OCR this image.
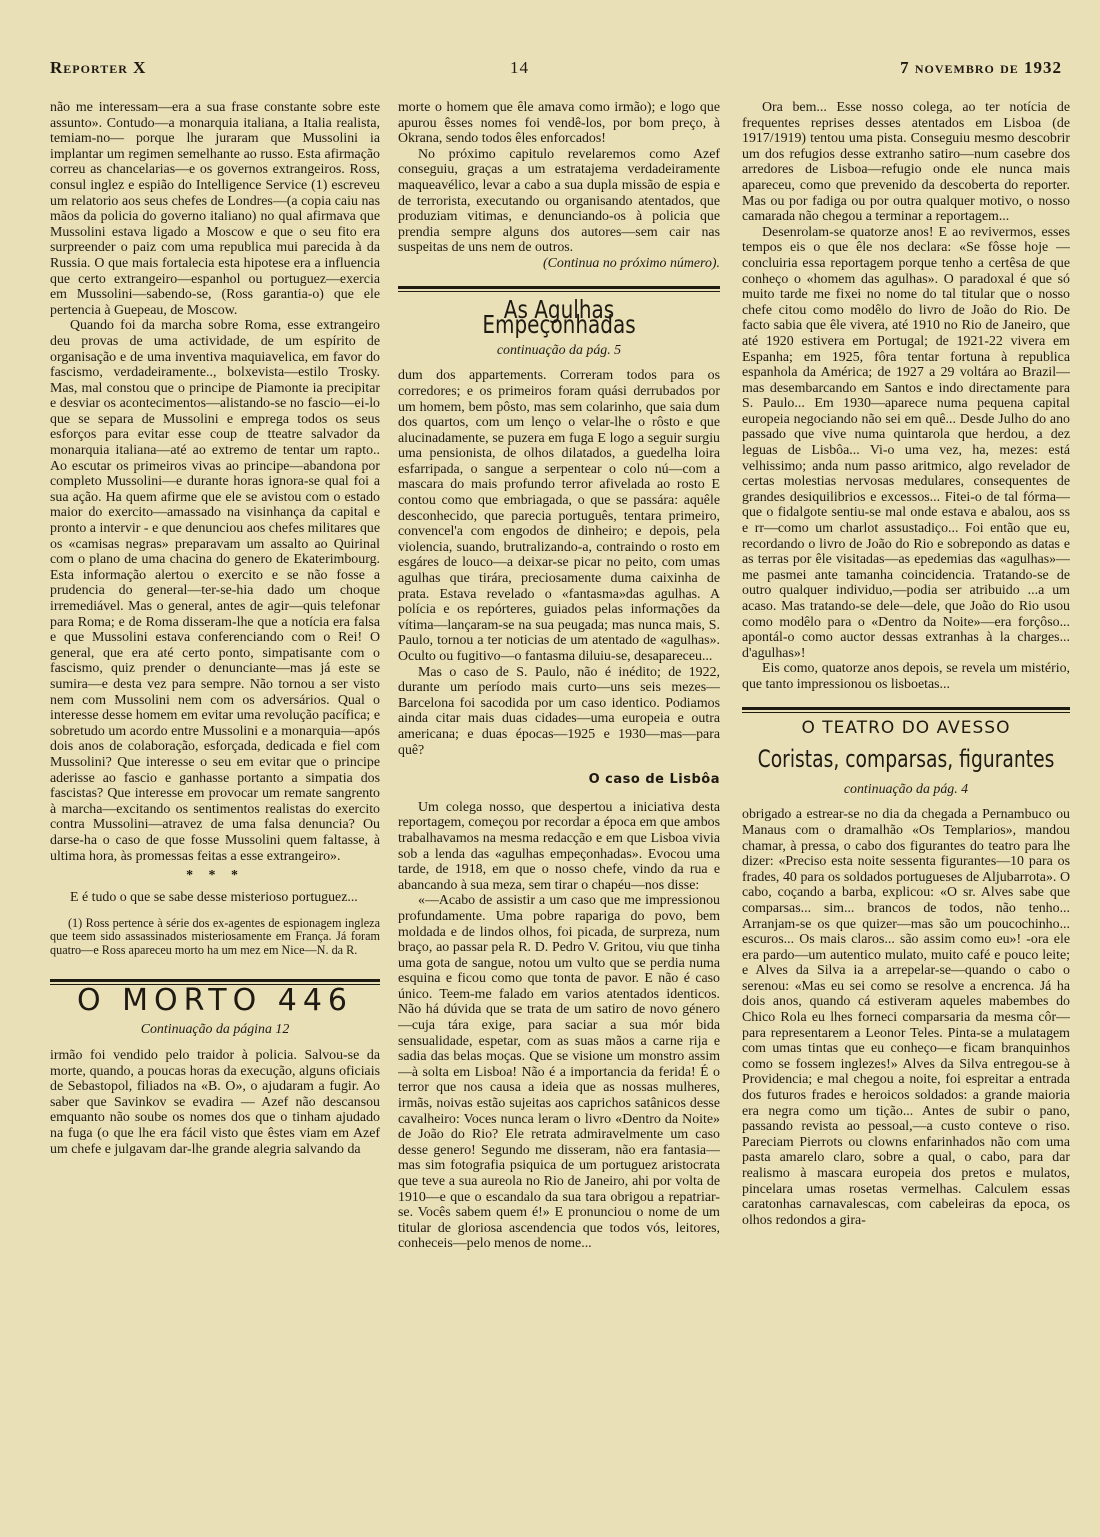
Reporter X	14	7 novembro de 1932

não me interessam—era a sua frase constante sobre este assunto». Contudo—a monarquia italiana, a Italia realista, temiam-no— porque lhe juraram que Mussolini ia implantar um regimen semelhante ao russo. Esta afirmação correu as chancelarias—e os governos extrangeiros. Ross, consul inglez e espião do Intelligence Service (1) escreveu um relatorio aos seus chefes de Londres—(a copia caiu nas mãos da policia do governo italiano) no qual afirmava que Mussolini estava ligado a Moscow e que o seu fito era surpreender o paiz com uma republica mui parecida à da Russia. O que mais fortalecia esta hipotese era a influencia que certo extrangeiro—espanhol ou portuguez—exercia em Mussolini—sabendo-se, (Ross garantia-o) que ele pertencia à Guepeau, de Moscow.

Quando foi da marcha sobre Roma, esse extrangeiro deu provas de uma actividade, de um espírito de organisação e de uma inventiva maquiavelica, em favor do fascismo, verdadeiramente.., bolxevista—estilo Trosky. Mas, mal constou que o principe de Piamonte ia precipitar e desviar os acontecimentos—alistando-se no fascio—ei-lo que se separa de Mussolini e emprega todos os seus esforços para evitar esse coup de tteatre salvador da monarquia italiana—até ao extremo de tentar um rapto.. Ao escutar os primeiros vivas ao principe—abandona por completo Mussolini—e durante horas ignora-se qual foi a sua ação. Ha quem afirme que ele se avistou com o estado maior do exercito—amassado na visinhança da capital e pronto a intervir - e que denunciou aos chefes militares que os «camisas negras» preparavam um assalto ao Quirinal com o plano de uma chacina do genero de Ekaterimbourg. Esta informação alertou o exercito e se não fosse a prudencia do general—ter-se-hia dado um choque irremediável. Mas o general, antes de agir—quis telefonar para Roma; e de Roma disseram-lhe que a notícia era falsa e que Mussolini estava conferenciando com o Rei! O general, que era até certo ponto, simpatisante com o fascismo, quiz prender o denunciante—mas já este se sumira—e desta vez para sempre. Não tornou a ser visto nem com Mussolini nem com os adversários. Qual o interesse desse homem em evitar uma revolução pacífica; e sobretudo um acordo entre Mussolini e a monarquia—após dois anos de colaboração, esforçada, dedicada e fiel com Mussolini? Que interesse o seu em evitar que o principe aderisse ao fascio e ganhasse portanto a simpatia dos fascistas? Que interesse em provocar um remate sangrento à marcha—excitando os sentimentos realistas do exercito contra Mussolini—atravez de uma falsa denuncia? Ou darse-ha o caso de que fosse Mussolini quem faltasse, à ultima hora, às promessas feitas a esse extrangeiro».

* * *

E é tudo o que se sabe desse misterioso portuguez...

(1) Ross pertence à série dos ex-agentes de espionagem ingleza que teem sido assassinados misteriosamente em França. Já foram quatro—e Ross apareceu morto ha um mez em Nice—N. da R.

O MORTO 446
Continuação da página 12

irmão foi vendido pelo traidor à policia. Salvou-se da morte, quando, a poucas horas da execução, alguns oficiais de Sebastopol, filiados na «B. O», o ajudaram a fugir. Ao saber que Savinkov se evadira — Azef não descansou emquanto não soube os nomes dos que o tinham ajudado na fuga (o que lhe era fácil visto que êstes viam em Azef um chefe e julgavam dar-lhe grande alegria salvando da

morte o homem que êle amava como irmão); e logo que apurou êsses nomes foi vendê-los, por bom preço, à Okrana, sendo todos êles enforcados!

No próximo capitulo revelaremos como Azef conseguiu, graças a um estratajema verdadeiramente maqueavélico, levar a cabo a sua dupla missão de espia e de terrorista, executando ou organisando atentados, que produziam vitimas, e denunciando-os à policia que prendia sempre alguns dos autores—sem cair nas suspeitas de uns nem de outros.

(Continua no próximo número).
As Agulhas Empeçonhadas
continuação da pág. 5

dum dos appartements. Correram todos para os corredores; e os primeiros foram quási derrubados por um homem, bem pôsto, mas sem colarinho, que saia dum dos quartos, com um lenço o velar-lhe o rôsto e que alucinadamente, se puzera em fuga E logo a seguir surgiu uma pensionista, de olhos dilatados, a guedelha loira esfarripada, o sangue a serpentear o colo nú—com a mascara do mais profundo terror afivelada ao rosto E contou como que embriagada, o que se passára: aquêle desconhecido, que parecia português, tentara primeiro, convencel'a com engodos de dinheiro; e depois, pela violencia, suando, brutralizando-a, contraindo o rosto em esgáres de louco—a deixar-se picar no peito, com umas agulhas que tirára, preciosamente duma caixinha de prata. Estava revelado o «fantasma»das agulhas. A polícia e os repórteres, guiados pelas informações da vítima—lançaram-se na sua peugada; mas nunca mais, S. Paulo, tornou a ter noticias de um atentado de «agulhas». Oculto ou fugitivo—o fantasma diluiu-se, desapareceu...

Mas o caso de S. Paulo, não é inédito; de 1922, durante um período mais curto—uns seis mezes—Barcelona foi sacodida por um caso identico. Podiamos ainda citar mais duas cidades—uma europeia e outra americana; e duas épocas—1925 e 1930—mas—para quê?

O caso de Lisbôa

Um colega nosso, que despertou a iniciativa desta reportagem, começou por recordar a época em que ambos trabalhavamos na mesma redacção e em que Lisboa vivia sob a lenda das «agulhas empeçonhadas». Evocou uma tarde, de 1918, em que o nosso chefe, vindo da rua e abancando à sua meza, sem tirar o chapéu—nos disse:

«—Acabo de assistir a um caso que me impressionou profundamente. Uma pobre rapariga do povo, bem moldada e de lindos olhos, foi picada, de surpreza, num braço, ao passar pela R. D. Pedro V. Gritou, viu que tinha uma gota de sangue, notou um vulto que se perdia numa esquina e ficou como que tonta de pavor. E não é caso único. Teem-me falado em varios atentados identicos. Não há dúvida que se trata de um satiro de novo género—cuja tára exige, para saciar a sua mór bida sensualidade, espetar, com as suas mãos a carne rija e sadia das belas moças. Que se visione um monstro assim—à solta em Lisboa! Não é a importancia da ferida! É o terror que nos causa a ideia que as nossas mulheres, irmãs, noivas estão sujeitas aos caprichos satânicos desse cavalheiro: Voces nunca leram o livro «Dentro da Noite» de João do Rio? Ele retrata admiravelmente um caso desse genero! Segundo me disseram, não era fantasia—mas sim fotografia psiquica de um portuguez aristocrata que teve a sua aureola no Rio de Janeiro, ahi por volta de 1910—e que o escandalo da sua tara obrigou a repatriar-se. Vocês sabem quem é!» E pronunciou o nome de um titular de gloriosa ascendencia que todos vós, leitores, conheceis—pelo menos de nome...

Ora bem... Esse nosso colega, ao ter notícia de frequentes reprises desses atentados em Lisboa (de 1917/1919) tentou uma pista. Conseguiu mesmo descobrir um dos refugios desse extranho satiro—num casebre dos arredores de Lisboa—refugio onde ele nunca mais apareceu, como que prevenido da descoberta do reporter. Mas ou por fadiga ou por outra qualquer motivo, o nosso camarada não chegou a terminar a reportagem...

Desenrolam-se quatorze anos! E ao revivermos, esses tempos eis o que êle nos declara: «Se fôsse hoje — concluiria essa reportagem porque tenho a certêsa de que conheço o «homem das agulhas». O paradoxal é que só muito tarde me fixei no nome do tal titular que o nosso chefe citou como modêlo do livro de João do Rio. De facto sabia que êle vivera, até 1910 no Rio de Janeiro, que até 1920 estivera em Portugal; de 1921-22 vivera em Espanha; em 1925, fôra tentar fortuna à republica espanhola da América; de 1927 a 29 voltára ao Brazil—mas desembarcando em Santos e indo directamente para S. Paulo... Em 1930—aparece numa pequena capital europeia negociando não sei em quê... Desde Julho do ano passado que vive numa quintarola que herdou, a dez leguas de Lisbôa... Vi-o uma vez, ha, mezes: está velhissimo; anda num passo aritmico, algo revelador de certas molestias nervosas medulares, consequentes de grandes desiquilibrios e excessos... Fitei-o de tal fórma—que o fidalgote sentiu-se mal onde estava e abalou, aos ss e rr—como um charlot assustadiço... Foi então que eu, recordando o livro de João do Rio e sobrepondo as datas e as terras por êle visitadas—as epedemias das «agulhas»—me pasmei ante tamanha coincidencia. Tratando-se de outro qualquer individuo,—podia ser atribuido ...a um acaso. Mas tratando-se dele—dele, que João do Rio usou como modêlo para o «Dentro da Noite»—era forçôso... apontál-o como auctor dessas extranhas à la charges... d'agulhas»!

Eis como, quatorze anos depois, se revela um mistério, que tanto impressionou os lisboetas...

O TEATRO DO AVESSO
Coristas, comparsas, figurantes
continuação da pág. 4

obrigado a estrear-se no dia da chegada a Pernambuco ou Manaus com o dramalhão «Os Templarios», mandou chamar, à pressa, o cabo dos figurantes do teatro para lhe dizer: «Preciso esta noite sessenta figurantes—10 para os frades, 40 para os soldados portugueses de Aljubarrota». O cabo, coçando a barba, explicou: «O sr. Alves sabe que comparsas... sim... brancos de todos, não tenho... Arranjam-se os que quizer—mas são um poucochinho... escuros... Os mais claros... são assim como eu»! -ora ele era pardo—um autentico mulato, muito café e pouco leite; e Alves da Silva ia a arrepelar-se—quando o cabo o serenou: «Mas eu sei como se resolve a encrenca. Já ha dois anos, quando cá estiveram aqueles mabembes do Chico Rola eu lhes forneci comparsaria da mesma côr—para representarem a Leonor Teles. Pinta-se a mulatagem com umas tintas que eu conheço—e ficam branquinhos como se fossem inglezes!» Alves da Silva entregou-se à Providencia; e mal chegou a noite, foi espreitar a entrada dos futuros frades e heroicos soldados: a grande maioria era negra como um tição... Antes de subir o pano, passando revista ao pessoal,—a custo conteve o riso. Pareciam Pierrots ou clowns enfarinhados não com uma pasta amarelo claro, sobre a qual, o cabo, para dar realismo à mascara europeia dos pretos e mulatos, pincelara umas rosetas vermelhas. Calculem essas caratonhas carnavalescas, com cabeleiras da epoca, os olhos redondos a gira-
